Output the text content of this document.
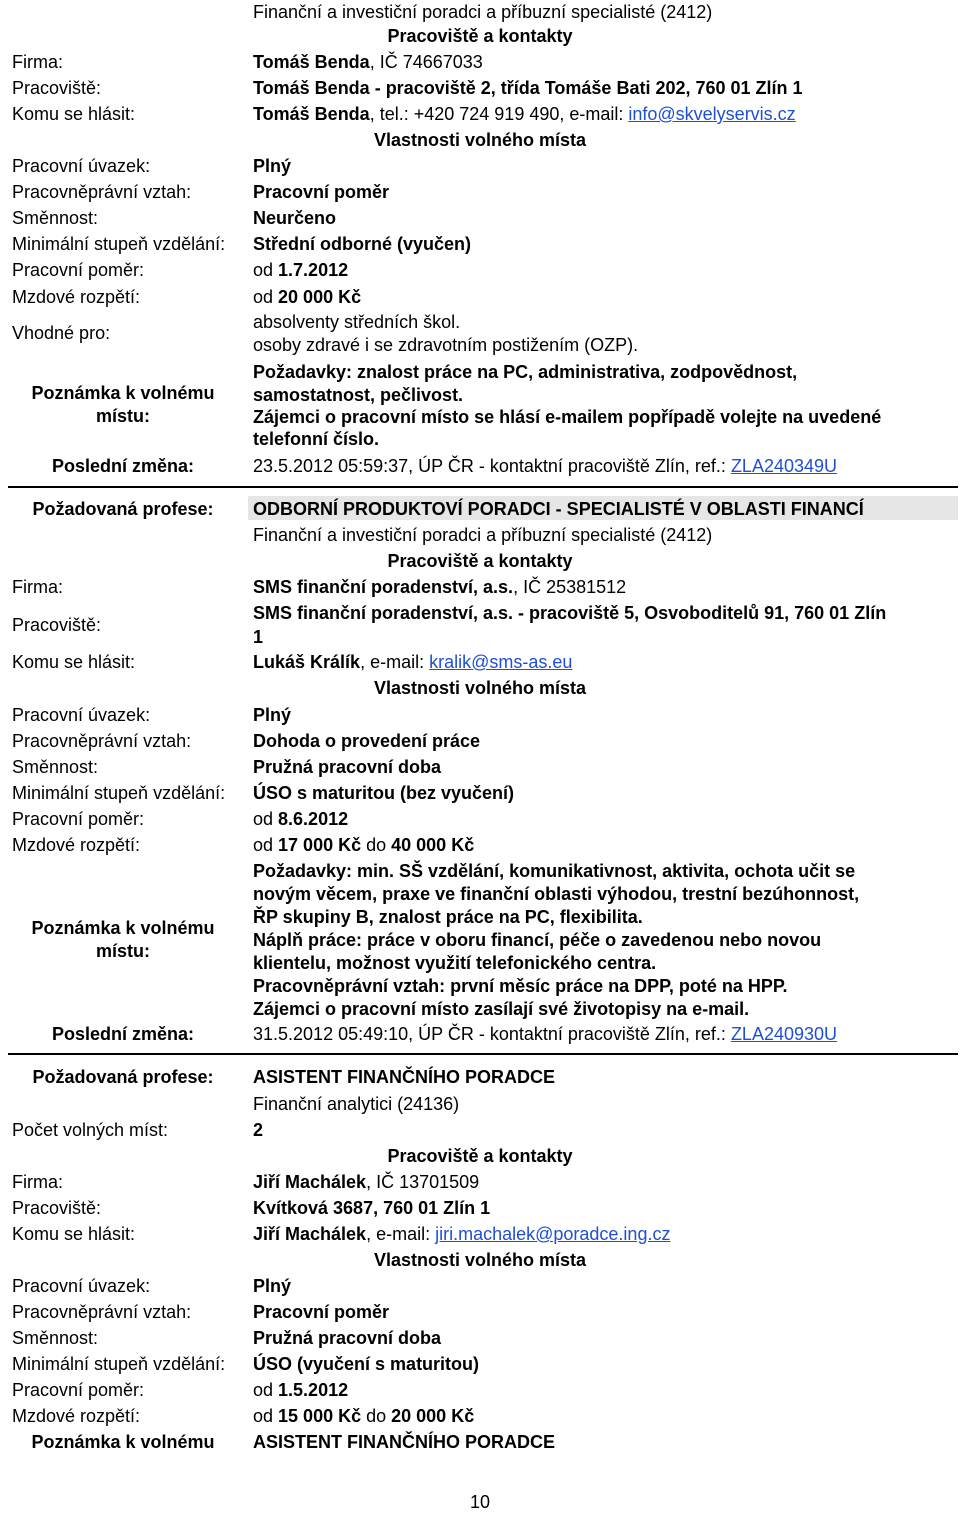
Finanční a investiční poradci a příbuzní specialisté (2412)
Pracoviště a kontakty
Firma:	Tomáš Benda, IČ 74667033
Pracoviště:	Tomáš Benda - pracoviště 2, třída Tomáše Bati 202, 760 01 Zlín 1
Komu se hlásit:	Tomáš Benda, tel.: +420 724 919 490, e-mail: info@skvelyservis.cz
Vlastnosti volného místa
Pracovní úvazek:	Plný
Pracovněprávní vztah:	Pracovní poměr
Směnnost:	Neurčeno
Minimální stupeň vzdělání: Střední odborné (vyučen)
Pracovní poměr:	od 1.7.2012
Mzdové rozpětí:	od 20 000 Kč
Vhodné pro:
absolventy středních škol.
osoby zdravé i se zdravotním postižením (OZP).
Poznámka k volnému
místu:
Požadavky: znalost práce na PC, administrativa, zodpovědnost,
samostatnost, pečlivost.
Zájemci o pracovní místo se hlásí e-mailem popřípadě volejte na uvedené
telefonní číslo.
Poslední změna:	23.5.2012 05:59:37, ÚP ČR - kontaktní pracoviště Zlín, ref.: ZLA240349U
Požadovaná profese:	ODBORNÍ PRODUKTOVÍ PORADCI - SPECIALISTÉ V OBLASTI FINANCÍ
Finanční a investiční poradci a příbuzní specialisté (2412)
Pracoviště a kontakty
Firma:	SMS finanční poradenství, a.s., IČ 25381512
Pracoviště:
SMS finanční poradenství, a.s. - pracoviště 5, Osvoboditelů 91, 760 01 Zlín
1
Komu se hlásit:	Lukáš Králík, e-mail: kralik@sms-as.eu
Vlastnosti volného místa
Pracovní úvazek:	Plný
Pracovněprávní vztah:	Dohoda o provedení práce
Směnnost:	Pružná pracovní doba
Minimální stupeň vzdělání: ÚSO s maturitou (bez vyučení)
Pracovní poměr:	od 8.6.2012
Mzdové rozpětí:	od 17 000 Kč do 40 000 Kč
Poznámka k volnému
místu:
Požadavky: min. SŠ vzdělání, komunikativnost, aktivita, ochota učit se
novým věcem, praxe ve finanční oblasti výhodou, trestní bezúhonnost,
ŘP skupiny B, znalost práce na PC, flexibilita.
Náplň práce: práce v oboru financí, péče o zavedenou nebo novou
klientelu, možnost využití telefonického centra.
Pracovněprávní vztah: první měsíc práce na DPP, poté na HPP.
Zájemci o pracovní místo zasílají své životopisy na e-mail.
Poslední změna:	31.5.2012 05:49:10, ÚP ČR - kontaktní pracoviště Zlín, ref.: ZLA240930U
Požadovaná profese:	ASISTENT FINANČNÍHO PORADCE
Finanční analytici (24136)
Počet volných míst:	2
Pracoviště a kontakty
Firma:	Jiří Machálek, IČ 13701509
Pracoviště:	Kvítková 3687, 760 01 Zlín 1
Komu se hlásit:	Jiří Machálek, e-mail: jiri.machalek@poradce.ing.cz
Vlastnosti volného místa
Pracovní úvazek:	Plný
Pracovněprávní vztah:	Pracovní poměr
Směnnost:	Pružná pracovní doba
Minimální stupeň vzdělání: ÚSO (vyučení s maturitou)
Pracovní poměr:	od 1.5.2012
Mzdové rozpětí:	od 15 000 Kč do 20 000 Kč
Poznámka k volnému	ASISTENT FINANČNÍHO PORADCE
10
